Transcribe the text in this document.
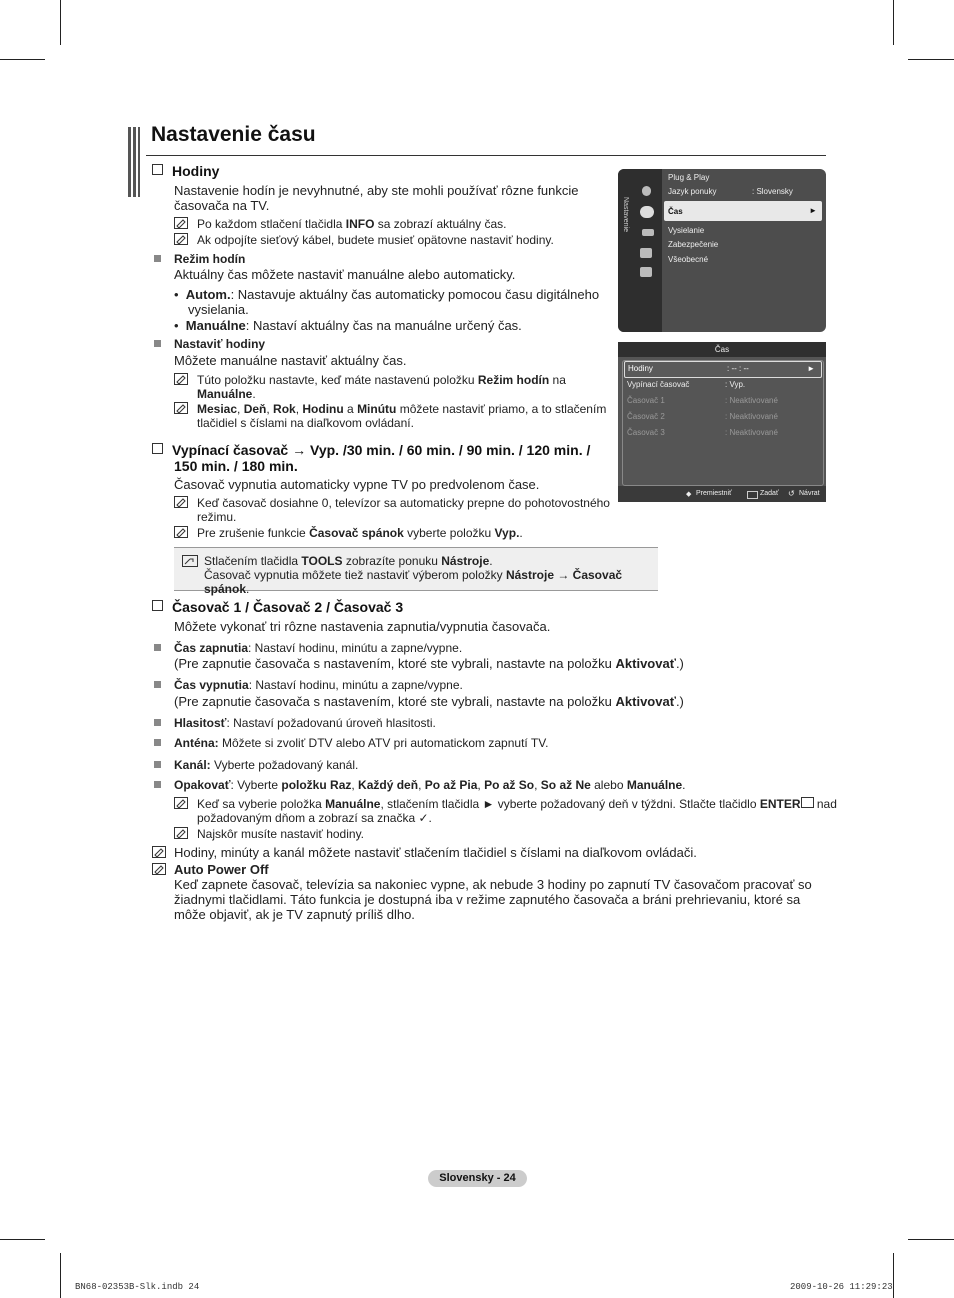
Nastavenie času
Hodiny
Nastavenie hodín je nevyhnutné, aby ste mohli používať rôzne funkcie
časovača na TV.
Po každom stlačení tlačidla INFO sa zobrazí aktuálny čas.
Ak odpojíte sieťový kábel, budete musieť opätovne nastaviť hodiny.
Režim hodín
Aktuálny čas môžete nastaviť manuálne alebo automaticky.
•  Autom.: Nastavuje aktuálny čas automaticky pomocou času digitálneho
vysielania.
•  Manuálne: Nastaví aktuálny čas na manuálne určený čas.
Nastaviť hodiny
Môžete manuálne nastaviť aktuálny čas.
Túto položku nastavte, keď máte nastavenú položku Režim hodín na
Manuálne.
Mesiac, Deň, Rok, Hodinu a Minútu môžete nastaviť priamo, a to stlačením
tlačidiel s číslami na diaľkovom ovládaní.
Vypínací časovač → Vyp. /30 min. / 60 min. / 90 min. / 120 min. /
150 min. / 180 min.
Časovač vypnutia automaticky vypne TV po predvolenom čase.
Keď časovač dosiahne 0, televízor sa automaticky prepne do pohotovostného
režimu.
Pre zrušenie funkcie Časovač spánok vyberte položku Vyp..
Stlačením tlačidla TOOLS zobrazíte ponuku Nástroje.
Časovač vypnutia môžete tiež nastaviť výberom položky Nástroje → Časovač spánok.
Časovač 1 / Časovač 2 / Časovač 3
Môžete vykonať tri rôzne nastavenia zapnutia/vypnutia časovača.
Čas zapnutia: Nastaví hodinu, minútu a zapne/vypne.
(Pre zapnutie časovača s nastavením, ktoré ste vybrali, nastavte na položku Aktivovať.)
Čas vypnutia: Nastaví hodinu, minútu a zapne/vypne.
(Pre zapnutie časovača s nastavením, ktoré ste vybrali, nastavte na položku Aktivovať.)
Hlasitosť: Nastaví požadovanú úroveň hlasitosti.
Anténa: Môžete si zvoliť DTV alebo ATV pri automatickom zapnutí TV.
Kanál: Vyberte požadovaný kanál.
Opakovať: Vyberte položku Raz, Každý deň, Po až Pia, Po až So, So až Ne alebo Manuálne.
Keď sa vyberie položka Manuálne, stlačením tlačidla ► vyberte požadovaný deň v týždni. Stlačte tlačidlo ENTER nad
požadovaným dňom a zobrazí sa značka ✓.
Najskôr musíte nastaviť hodiny.
Hodiny, minúty a kanál môžete nastaviť stlačením tlačidiel s číslami na diaľkovom ovládači.
Auto Power Off
Keď zapnete časovač, televízia sa nakoniec vypne, ak nebude 3 hodiny po zapnutí TV časovačom pracovať so
žiadnymi tlačidlami. Táto funkcia je dostupná iba v režime zapnutého časovača a bráni prehrievaniu, ktoré sa
môže objaviť, ak je TV zapnutý príliš dlho.
Nastavenie
Plug & Play
Jazyk ponuky	: Slovensky
Čas	►
Vysielanie
Zabezpečenie
Všeobecné
Čas
Hodiny	: -- : --	►
Vypínací časovač	: Vyp.
Časovač 1	: Neaktivované
Časovač 2	: Neaktivované
Časovač 3	: Neaktivované
◆ Premiestniť	Zadať ↺ Návrat
Slovensky - 24
BN68-02353B-Slk.indb 24	2009-10-26 11:29:23
